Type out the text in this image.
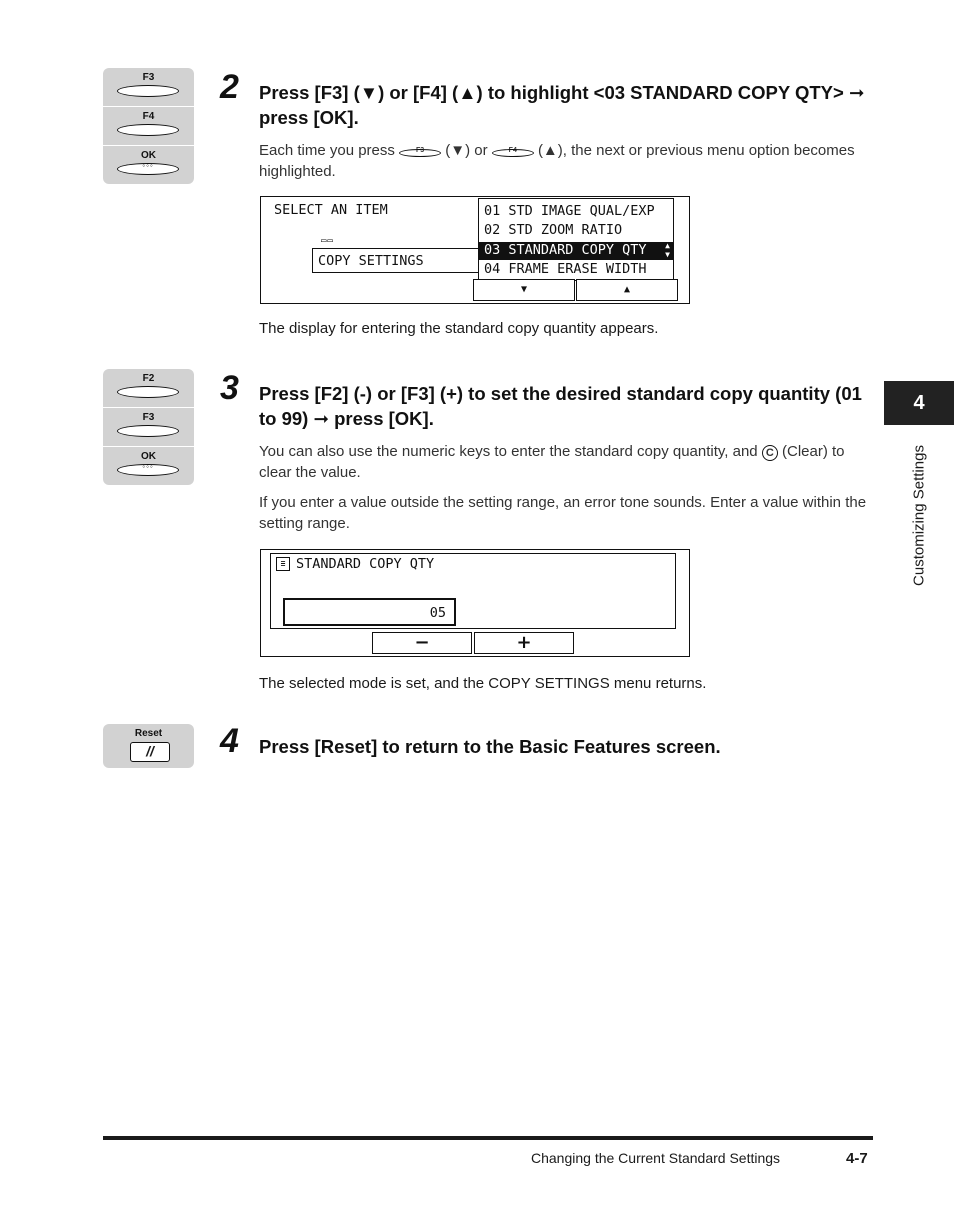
F3
F4
OK
◦◦◦
2 Press [F3] (▼) or [F4] (▲) to highlight <03 STANDARD COPY QTY> ➞ press [OK].

Each time you press	F3	(▼) or	F4	(▲), the next or previous menu option becomes highlighted.

SELECT AN ITEM
▭▭
COPY SETTINGS
01 STD IMAGE QUAL/EXP
02 STD ZOOM RATIO
03 STANDARD COPY QTY ▲
▼
04 FRAME ERASE WIDTH
▼	▲

The display for entering the standard copy quantity appears.

F2
F3
OK
◦◦◦
3 Press [F2] (-) or [F3] (+) to set the desired standard copy quantity (01 to 99) ➞ press [OK].

You can also use the numeric keys to enter the standard copy quantity, and C (Clear) to clear the value.

If you enter a value outside the setting range, an error tone sounds. Enter a value within the setting range.

≡ STANDARD COPY QTY
05
−	+

The selected mode is set, and the COPY SETTINGS menu returns.

Reset
//	4 Press [Reset] to return to the Basic Features screen.

4
Customizing Settings
Changing the Current Standard Settings	4-7
